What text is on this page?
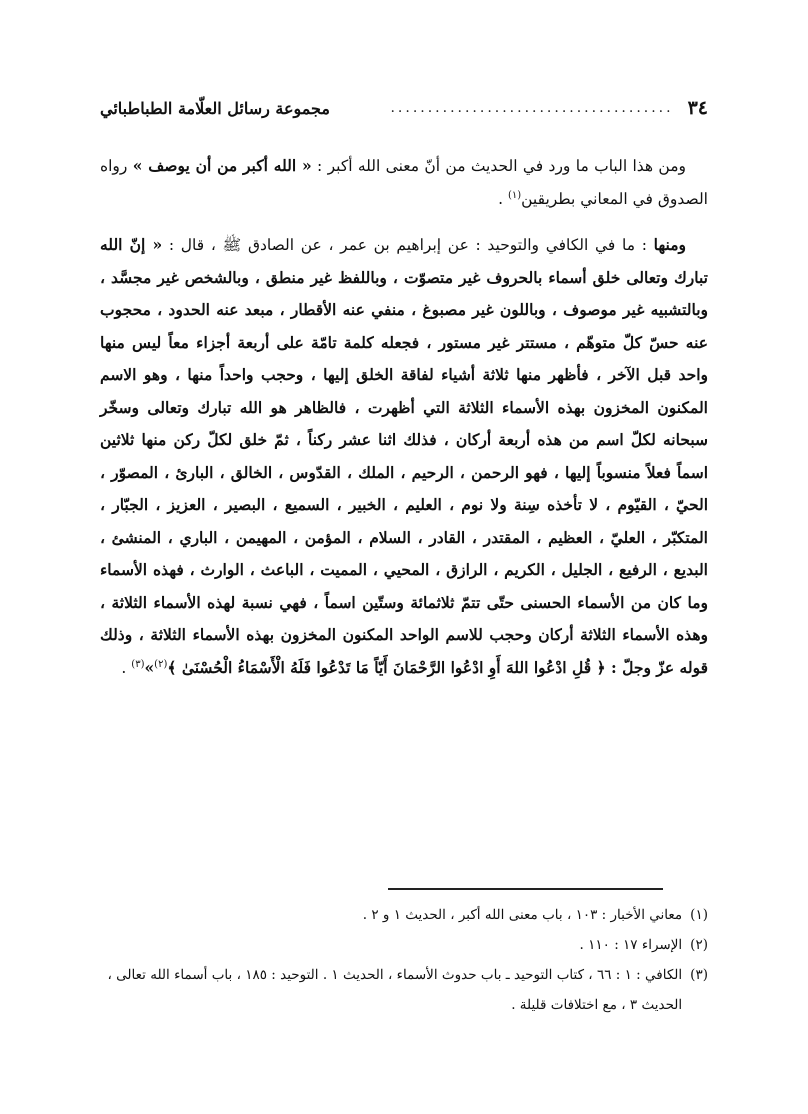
٣٤
......................................
مجموعة رسائل العلّامة الطباطبائي

ومن هذا الباب ما ورد في الحديث من أنّ معنى الله أكبر : « الله أكبر من أن يوصف » رواه الصدوق في المعاني بطريقين$^{(١)}$ .

ومنها : ما في الكافي والتوحيد : عن إبراهيم بن عمر ، عن الصادق ﷺ ، قال : « إنّ الله تبارك وتعالى خلق أسماء بالحروف غير متصوّت ، وباللفظ غير منطق ، وبالشخص غير مجسَّد ، وبالتشبيه غير موصوف ، وباللون غير مصبوغ ، منفي عنه الأقطار ، مبعد عنه الحدود ، محجوب عنه حسّ كلّ متوهّم ، مستتر غير مستور ، فجعله كلمة تامّة على أربعة أجزاء معاً ليس منها واحد قبل الآخر ، فأظهر منها ثلاثة أشياء لفاقة الخلق إليها ، وحجب واحداً منها ، وهو الاسم المكنون المخزون بهذه الأسماء الثلاثة التي أظهرت ، فالظاهر هو الله تبارك وتعالى وسخّر سبحانه لكلّ اسم من هذه أربعة أركان ، فذلك اثنا عشر ركناً ، ثمّ خلق لكلّ ركن منها ثلاثين اسماً فعلاً منسوباً إليها ، فهو الرحمن ، الرحيم ، الملك ، القدّوس ، الخالق ، البارئ ، المصوّر ، الحيّ ، القيّوم ، لا تأخذه سِنة ولا نوم ، العليم ، الخبير ، السميع ، البصير ، العزيز ، الجبّار ، المتكبّر ، العليّ ، العظيم ، المقتدر ، القادر ، السلام ، المؤمن ، المهيمن ، الباري ، المنشئ ، البديع ، الرفيع ، الجليل ، الكريم ، الرازق ، المحيي ، المميت ، الباعث ، الوارث ، فهذه الأسماء وما كان من الأسماء الحسنى حتّى تتمّ ثلاثمائة وستّين اسماً ، فهي نسبة لهذه الأسماء الثلاثة ، وهذه الأسماء الثلاثة أركان وحجب للاسم الواحد المكنون المخزون بهذه الأسماء الثلاثة ، وذلك قوله عزّ وجلّ : ﴿ قُلِ ادْعُوا اللهَ أَوِ ادْعُوا الرَّحْمَانَ أَيّاً مَا تَدْعُوا فَلَهُ الْأَسْمَاءُ الْحُسْنَىٰ ﴾$^{(٢)}$»$^{(٣)}$ .

(١)
معاني الأخبار : ١٠٣ ، باب معنى الله أكبر ، الحديث ١ و ٢ .
(٢)
الإسراء ١٧ : ١١٠ .
(٣)
الكافي : ١ : ٦٦ ، كتاب التوحيد ـ باب حدوث الأسماء ، الحديث ١ . التوحيد : ١٨٥ ، باب أسماء الله تعالى ، الحديث ٣ ، مع اختلافات قليلة .
